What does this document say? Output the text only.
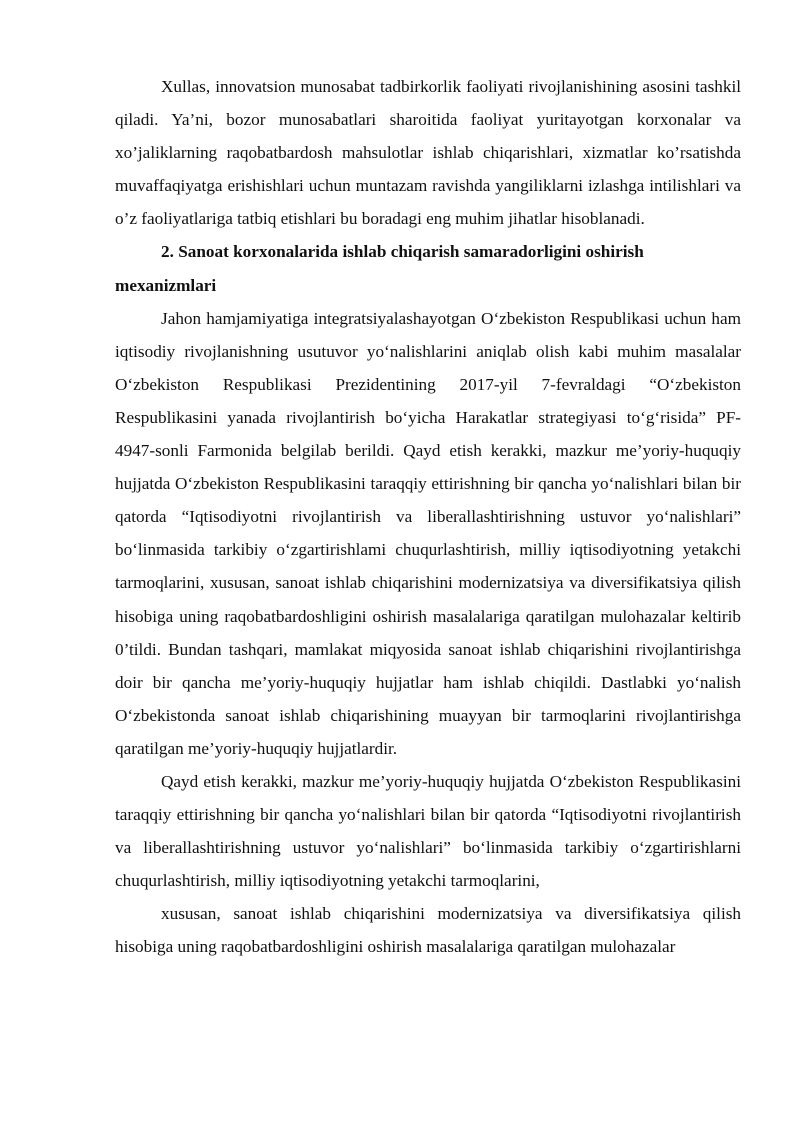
Xullas, innovatsion munosabat tadbirkorlik faoliyati rivojlanishining asosini tashkil qiladi. Ya’ni, bozor munosabatlari sharoitida faoliyat yuritayotgan korxonalar va xo’jaliklarning raqobatbardosh mahsulotlar ishlab chiqarishlari, xizmatlar ko’rsatishda muvaffaqiyatga erishishlari uchun muntazam ravishda yangiliklarni izlashga intilishlari va o’z faoliyatlariga tatbiq etishlari bu boradagi eng muhim jihatlar hisoblanadi.

2. Sanoat korxonalarida ishlab chiqarish samaradorligini oshirish mexanizmlari

Jahon hamjamiyatiga integratsiyalashayotgan O‘zbekiston Respublikasi uchun ham iqtisodiy rivojlanishning usutuvor yo‘nalishlarini aniqlab olish kabi muhim masalalar O‘zbekiston Respublikasi Prezidentining 2017-yil 7-fevraldagi “O‘zbekiston Respublikasini yanada rivojlantirish bo‘yicha Harakatlar strategiyasi to‘g‘risida” PF- 4947-sonli Farmonida belgilab berildi. Qayd etish kerakki, mazkur me’yoriy-huquqiy hujjatda O‘zbekiston Respublikasini taraqqiy ettirishning bir qancha yo‘nalishlari bilan bir qatorda “Iqtisodiyotni rivojlantirish va liberallashtirishning ustuvor yo‘nalishlari” bo‘linmasida tarkibiy o‘zgartirishlami chuqurlashtirish, milliy iqtisodiyotning yetakchi tarmoqlarini, xususan, sanoat ishlab chiqarishini modernizatsiya va diversifikatsiya qilish hisobiga uning raqobatbardoshligini oshirish masalalariga qaratilgan mulohazalar keltirib 0’tildi. Bundan tashqari, mamlakat miqyosida sanoat ishlab chiqarishini rivojlantirishga doir bir qancha me’yoriy-huquqiy hujjatlar ham ishlab chiqildi. Dastlabki yo‘nalish O‘zbekistonda sanoat ishlab chiqarishining muayyan bir tarmoqlarini rivojlantirishga qaratilgan me’yoriy-huquqiy hujjatlardir.

Qayd etish kerakki, mazkur me’yoriy-huquqiy hujjatda O‘zbekiston Respublikasini taraqqiy ettirishning bir qancha yo‘nalishlari bilan bir qatorda “Iqtisodiyotni rivojlantirish va liberallashtirishning ustuvor yo‘nalishlari” bo‘linmasida tarkibiy o‘zgartirishlarni chuqurlashtirish, milliy iqtisodiyotning yetakchi tarmoqlarini,

xususan, sanoat ishlab chiqarishini modernizatsiya va diversifikatsiya qilish hisobiga uning raqobatbardoshligini oshirish masalalariga qaratilgan mulohazalar
